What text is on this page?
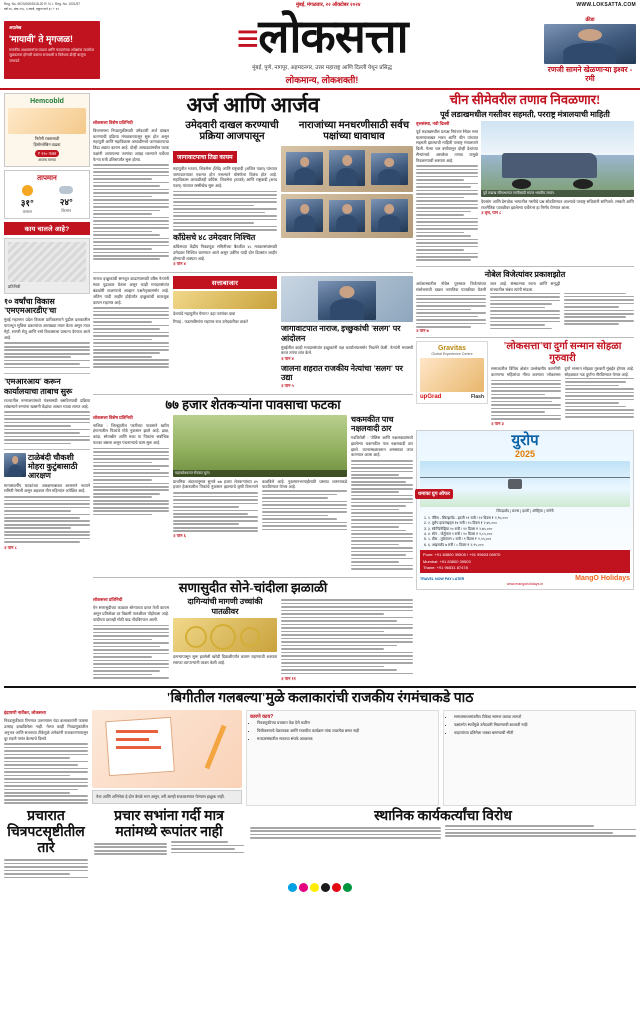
Reg. No. MCS/069/2018-20 R. N. I. Reg. No. 1001/57
वर्ष ९७, अंक २९५, ६ रुपये, एकूण पाने ३० + १२
मुंबई, मंगळवार, २२ ऑक्टोबर २०२४	WWW.LOKSATTA.COM
अग्रलेख
'मायावी' ते मृगजळ!
राजकीय आश्वासनांचा पाऊस आणि मतदारांच्या अपेक्षांचा ताळमेळ जुळवताना होणारी कसरत सत्ताधारी व विरोधक दोन्ही बाजूंना जाणवते.
≡लोकसत्ता
मुंबई, पुणे, नागपूर, अहमदनगर, उत्तर महाराष्ट्र आणि दिल्ली येथून प्रसिद्ध
लोकमान्य, लोकशक्ती!
क्रीडा
रणजी सामने खेळणाऱ्या इश्वर - रमी
Hemcobld
निरोगी रक्तासाठी
हिमोग्लोबिन वाढवा
₹ ९९० फक्त
आजच मागवा
तापमान
३१°
कमाल
२४°
किमान
काय चालले आहे?
प्रतिनिधी
१० वर्षांचा विकास 'एमएमआरडीए'चा
मुंबई महानगर प्रदेश विकास प्राधिकरणाने पुढील दशकातील पायाभूत सुविधा प्रकल्पांचा आराखडा तयार केला असून त्यात मेट्रो, सागरी सेतू आणि रस्ते विकासाला प्राधान्य देण्यात आले आहे.
'एमआरआय' करून कार्यालयाचा ताबाच सुरू
राज्यातील रुग्णालयांमध्ये यंत्रसामग्री बसविण्याची प्रक्रिया लांबल्याने रुग्णांना खासगी केंद्रांचा आधार घ्यावा लागत आहे.
टाळेबंदी चौकशी मोहरा कुटुंबासाठी आरक्षण
मागासवर्गीय घटकांच्या आरक्षणाबाबत शासनाने नव्याने समिती नेमली असून अहवाल तीन महिन्यांत अपेक्षित आहे.
॥ पान ८
अर्ज आणि आर्जव
लोकसत्ता विशेष प्रतिनिधी
विधानसभा निवडणुकीसाठी उमेदवारी अर्ज दाखल करण्याची प्रक्रिया मंगळवारपासून सुरू होत असून महायुती आणि महाविकास आघाडीमध्ये जागावाटपाचा तिढा अद्याप कायम आहे. दोन्ही आघाड्यांमधील घटक पक्षांनी आपापल्या जागांचा आग्रह धरल्याने चर्चेच्या फेऱ्या रात्री उशिरापर्यंत सुरू होत्या.
उमेदवारी दाखल करण्याची प्रक्रिया आजपासून
नाराजांच्या मनधरणीसाठी सर्वच पक्षांच्या धावाधाव
जागावाटपाचा तिढा कायम
महायुतीत भाजप, शिवसेना (शिंदे) आणि राष्ट्रवादी (अजित पवार) यांच्यात जागावाटपावर एकमत होत नसल्याने घोषणेला विलंब होत आहे. महाविकास आघाडीतही काँग्रेस, शिवसेना (ठाकरे) आणि राष्ट्रवादी (शरद पवार) यांच्यात रस्सीखेच सुरू आहे.
काँग्रेसचे ४८ उमेदवार निश्चित
काँग्रेसच्या केंद्रीय निवडणूक समितीच्या बैठकीत ४८ मतदारसंघांसाठी उमेदवार निश्चित करण्यात आले असून उर्वरित यादी दोन दिवसांत जाहीर होण्याची शक्यता आहे.
॥ पान ४
नाराज इच्छुकांची समजूत काढण्यासाठी वरिष्ठ नेत्यांनी स्वतः पुढाकार घेतला असून काही मतदारसंघांत बंडखोरी टाळण्याचे आव्हान पक्षनेतृत्वासमोर आहे. अंतिम यादी जाहीर होईपर्यंत इच्छुकांची धाकधूक कायम राहणार आहे.
सत्ताबाजार
देशपांडे महायुतीत येणार? दहा जागांवर दावा
रिपाइं - फडणवीसांना राहणार राज उमेदवारीवर ठाकरे
जागावाटपात नाराज, इच्छुकांची 'सलग' पर आंदोलन
मुंबईतील काही मतदारसंघांत इच्छुकांनी पक्ष कार्यालयासमोर निदर्शने केली. नेत्यांनी मध्यस्थी करत त्यांना शांत केले.
॥ पान ४
जालना शहरात राजकीय नेत्यांचा 'सलग' पर उद्या
॥ पान ५
७७ हजार शेतकऱ्यांना पावसाचा फटका
लोकसत्ता विशेष प्रतिनिधी
नाशिक : जिल्ह्यातील परतीच्या पावसाने खरीप हंगामातील पिकांचे मोठे नुकसान झाले आहे. द्राक्ष, कांदा, सोयाबीन आणि मका या पिकांना सर्वाधिक फटका बसला असून पंचनाम्याचे काम सुरू आहे.
महाबळेश्वरात रोपवाट मुलं।
प्राथमिक अंदाजानुसार सुमारे ७७ हजार शेतकऱ्यांच्या ४५ हजार हेक्टरवरील पिकांचे नुकसान झाल्याचे कृषी विभागाने कळविले आहे. नुकसानभरपाईसाठी प्रस्ताव शासनाकडे पाठविण्यात येणार आहे.
॥ पान ६
चकमकीत पाच नक्षलवादी ठार
गडचिरोली : पोलिस आणि नक्षलवाद्यांमध्ये झालेल्या चकमकीत पाच नक्षलवादी ठार झाले. घटनास्थळावरून शस्त्रसाठा जप्त करण्यात आला आहे.
सणासुदीत सोने-चांदीला झळाळी
लोकसत्ता प्रतिनिधी
ऐन सणासुदीच्या काळात सोन्याच्या दरात तेजी कायम असून प्रतितोळा दर विक्रमी पातळीवर पोहोचला आहे. चांदीच्या दरातही मोठी वाढ नोंदविण्यात आली.
दागिन्यांची मागणी उच्चांकी पातळीवर
दसऱ्यापासून सुरू झालेली खरेदी दिवाळीपर्यंत कायम राहण्याची शक्यता सराफा व्यापाऱ्यांनी व्यक्त केली आहे.
॥ पान ११
चीन सीमेवरील तणाव निवळणार!
पूर्व लडाखमधील गस्तीवर सहमती, परराष्ट्र मंत्रालयाची माहिती
वृत्तसंस्था, नवी दिल्ली
पूर्व लडाखमधील प्रत्यक्ष नियंत्रण रेषेवर गस्त घालण्याबाबत भारत आणि चीन यांच्यात सहमती झाल्याची माहिती परराष्ट्र मंत्रालयाने दिली. गेल्या चार वर्षांपासून दोन्ही देशांच्या सैन्यांमध्ये असलेला तणाव यामुळे निवळण्याची शक्यता आहे.
पूर्व लडाख सीमाभागात गस्तीसाठी सज्ज भारतीय जवान.
देपसांग आणि डेमचोक भागातील गस्तीचे प्रश्न सोडविण्यात आल्याचे परराष्ट्र सचिवांनी सांगितले. लष्करी आणि राजनैतिक पातळीवर झालेल्या चर्चेनंतर हा निर्णय घेण्यात आला.
॥ वृत्त, पान ८
नोबेल विजेत्यांवर प्रकाशझोत
अर्थशास्त्रातील नोबेल पुरस्कार विजेत्यांच्या संशोधनाची दखल जागतिक पातळीवर घेतली जात आहे. संस्थात्मक रचना आणि समृद्धी यांच्यातील संबंध त्यांनी मांडला.
॥ पान ७
Gravitas
Global Experience Centre
upGrad	Flash
'लोकसत्ता'चा दुर्गा सन्मान सोहळा गुरुवारी
समाजातील विविध क्षेत्रांत उल्लेखनीय कामगिरी करणाऱ्या महिलांचा गौरव करणारा 'लोकसत्ता दुर्गा' सन्मान सोहळा गुरुवारी मुंबईत होणार आहे. सोहळ्यात नऊ दुर्गांना गौरविण्यात येणार आहे.
॥ पान ३
युरोप
2025
धमाका ग्रुप ऑफर
स्वित्झर्लंड | फ्रान्स | इटली | ऑस्ट्रिया | जर्मनी
1. १. पॅरिस - स्वित्झर्लंड - इटली ११ रात्री / १२ दिवस ₹ १,९५,०००
2. २. युरोप हायलाइट्स १४ रात्री / १५ दिवस ₹ २,४५,०००
3. ३. स्कॅन्डिनेव्हिया १० रात्री / ११ दिवस ₹ २,७५,०००
4. ४. स्पेन - पोर्तुगाल ९ रात्री / १० दिवस ₹ १,८५,०००
5. ५. ग्रीस - तुर्कस्तान ८ रात्री / ९ दिवस ₹ १,५५,०००
6. ६. आइसलँड ७ रात्री / ८ दिवस ₹ २,९५,०००
Pune: +91 83800 39505 / +91 99603 08970
Mumbai: +91 83800 39503
Thane: +91 96531 87478
TRAVEL NOW PAY LATER	MangO Holidays
www.mangoholidays.in
'बिगीतील गलबल्या'मुळे कलाकारांची राजकीय रंगमंचाकडे पाठ
इंद्रायणी नार्वेकर, लोकसत्ता
निवडणुकीच्या रिंगणात उतरण्यास यंदा कलाकारांनी फारसा उत्साह दाखविलेला नाही. गेल्या काही निवडणुकांतील अनुभव आणि सततच्या टीकेमुळे अनेकांनी राजकारणापासून दूर राहणे पसंत केल्याचे दिसते.
नेता आणि अभिनेता हे दोन वेगळे भाग असून, तरी आम्ही राजकारणात येण्यास इच्छुक नाही.
कारणे काय?
• निवडणुकीच्या प्रचारात वेळ देणे कठीण
• चित्रीकरणाचे वेळापत्रक आणि राजकीय कार्यक्रम यांचा ताळमेळ बसत नाही
• मतदारसंघातील सततचा संपर्क आवश्यक
• समाजमाध्यमांवरील टीकेचा सामना करावा लागतो
• पक्षांतर्गत स्पर्धेमुळे उमेदवारी मिळण्याची शाश्वती नाही
• चाहत्यांच्या प्रतिमेला धक्का बसण्याची भीती
प्रचारात चित्रपटसृष्टीतील तारे
प्रचार सभांना गर्दी मात्र मतांमध्ये रूपांतर नाही
स्थानिक कार्यकर्त्यांचा विरोध
